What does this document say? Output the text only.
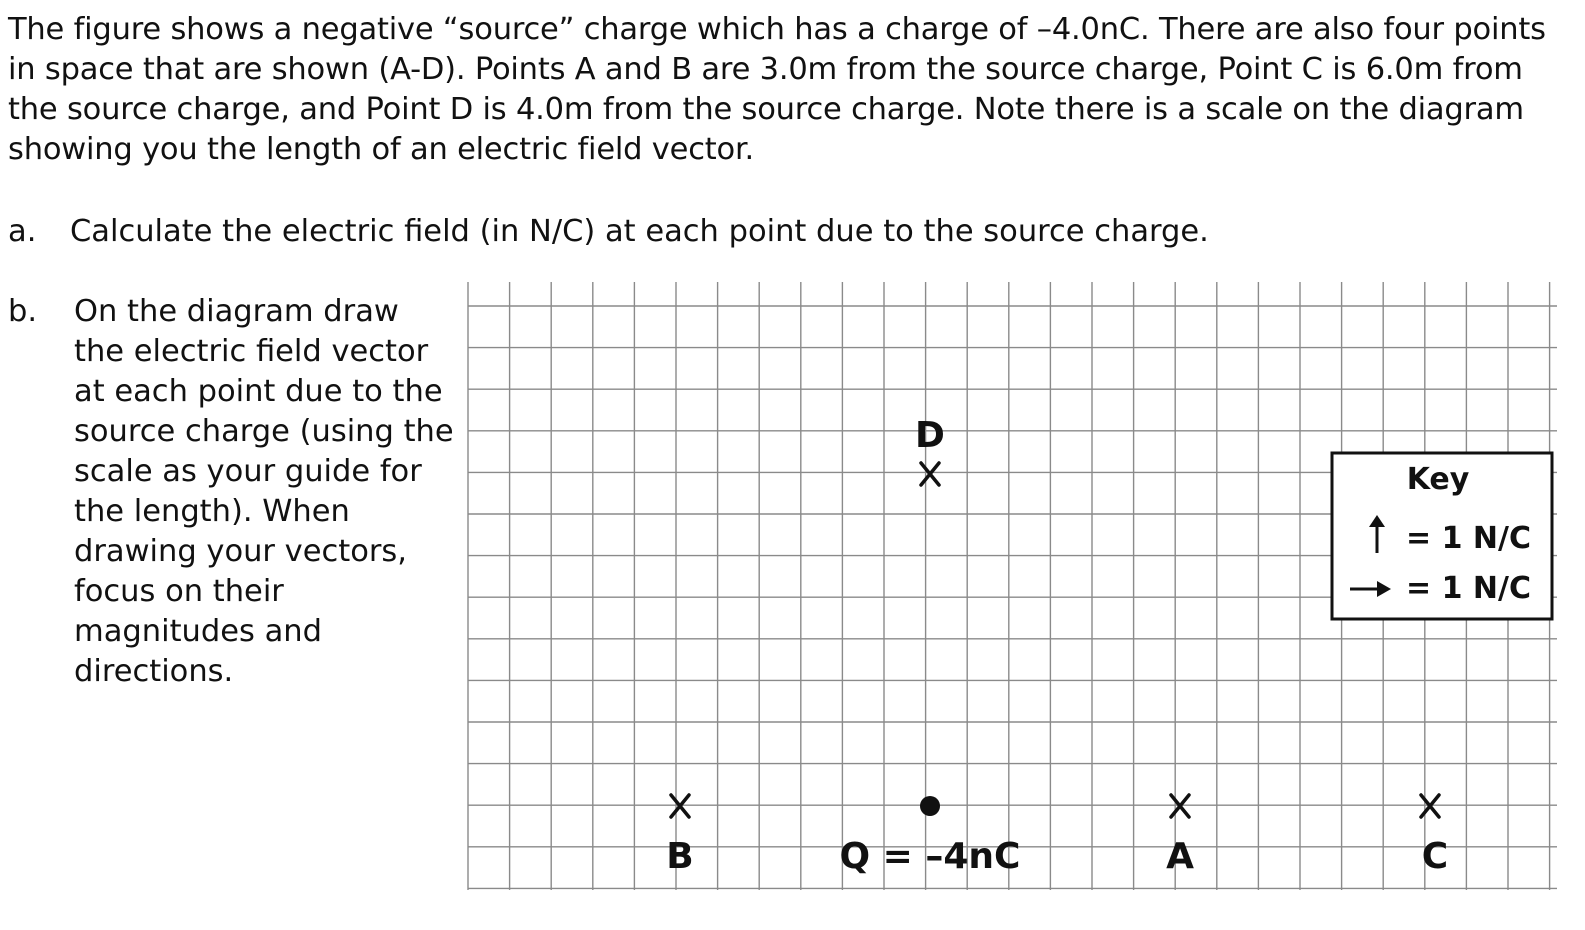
The figure shows a negative “source” charge which has a charge of –4.0nC. There are also four points in space that are shown (A-D). Points A and B are 3.0m from the source charge, Point C is 6.0m from the source charge, and Point D is 4.0m from the source charge. Note there is a scale on the diagram showing you the length of an electric field vector.
a. Calculate the electric field (in N/C) at each point due to the source charge.
b. On the diagram draw the electric field vector at each point due to the source charge (using the scale as your guide for the length). When drawing your vectors, focus on their magnitudes and directions.
D
B	Q = –4nC	A	C
Key
= 1 N/C
= 1 N/C
